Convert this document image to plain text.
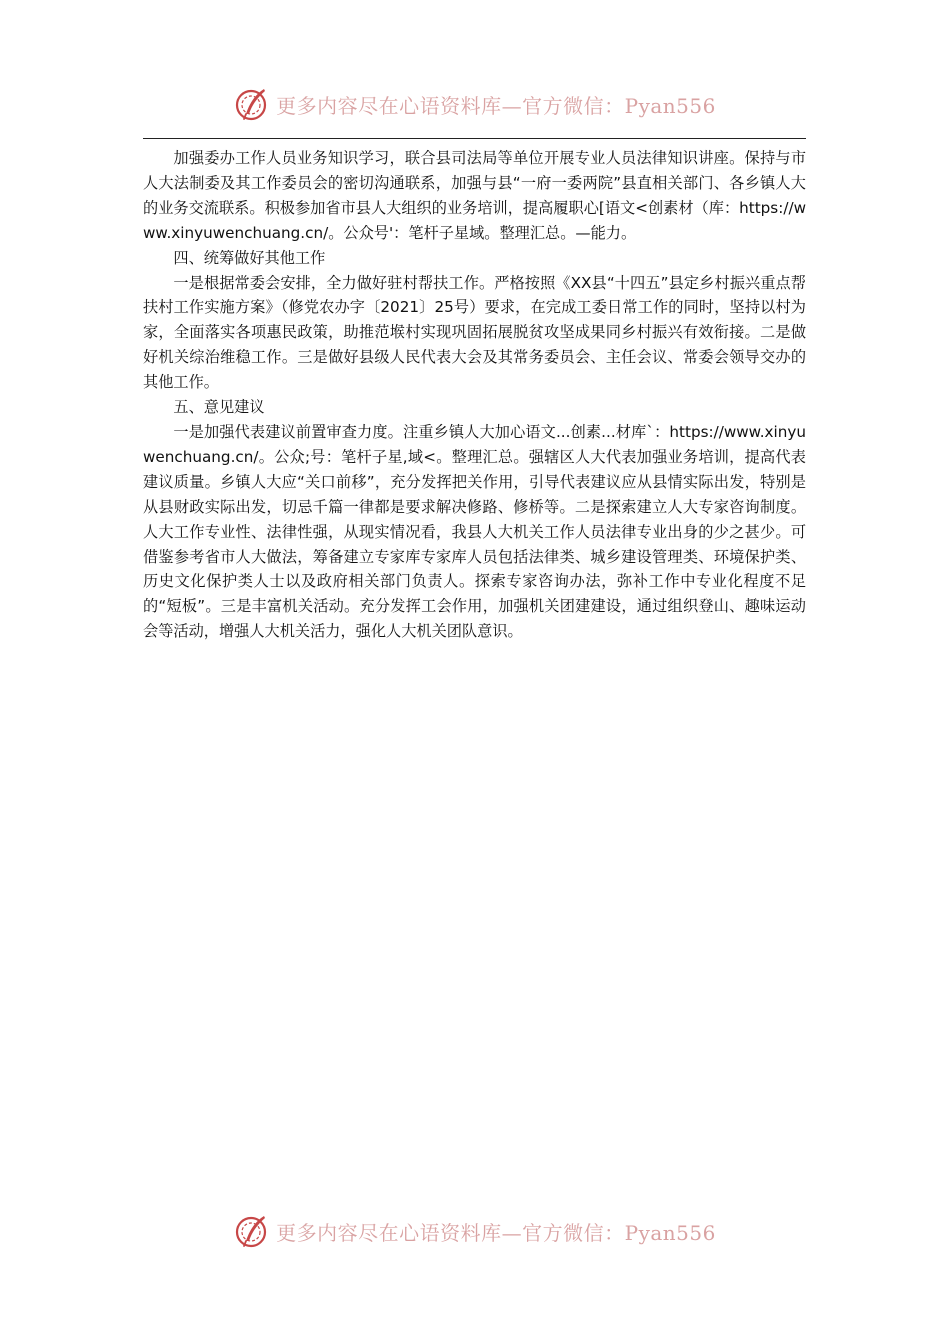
更多内容尽在心语资料库—官方微信：Pyan556

加强委办工作人员业务知识学习，联合县司法局等单位开展专业人员法律知识讲座。保持与市人大法制委及其工作委员会的密切沟通联系，加强与县“一府一委两院”县直相关部门、各乡镇人大的业务交流联系。积极参加省市县人大组织的业务培训，提高履职心[语文<创素材（库：https://www.xinyuwenchuang.cn/。公众号'：笔杆子星域。整理汇总。—能力。

四、统筹做好其他工作

一是根据常委会安排，全力做好驻村帮扶工作。严格按照《XX县“十四五”县定乡村振兴重点帮扶村工作实施方案》（修党农办字〔2021〕25号）要求，在完成工委日常工作的同时，坚持以村为家，全面落实各项惠民政策，助推范堠村实现巩固拓展脱贫攻坚成果同乡村振兴有效衔接。二是做好机关综治维稳工作。三是做好县级人民代表大会及其常务委员会、主任会议、常委会领导交办的其他工作。

五、意见建议

一是加强代表建议前置审查力度。注重乡镇人大加心语文...创素...材库`：https://www.xinyuwenchuang.cn/。公众;号：笔杆子星,域<。整理汇总。强辖区人大代表加强业务培训，提高代表建议质量。乡镇人大应“关口前移”，充分发挥把关作用，引导代表建议应从县情实际出发，特别是从县财政实际出发，切忌千篇一律都是要求解决修路、修桥等。二是探索建立人大专家咨询制度。人大工作专业性、法律性强，从现实情况看，我县人大机关工作人员法律专业出身的少之甚少。可借鉴参考省市人大做法，筹备建立专家库专家库人员包括法律类、城乡建设管理类、环境保护类、历史文化保护类人士以及政府相关部门负责人。探索专家咨询办法，弥补工作中专业化程度不足的“短板”。三是丰富机关活动。充分发挥工会作用，加强机关团建建设，通过组织登山、趣味运动会等活动，增强人大机关活力，强化人大机关团队意识。

更多内容尽在心语资料库—官方微信：Pyan556
